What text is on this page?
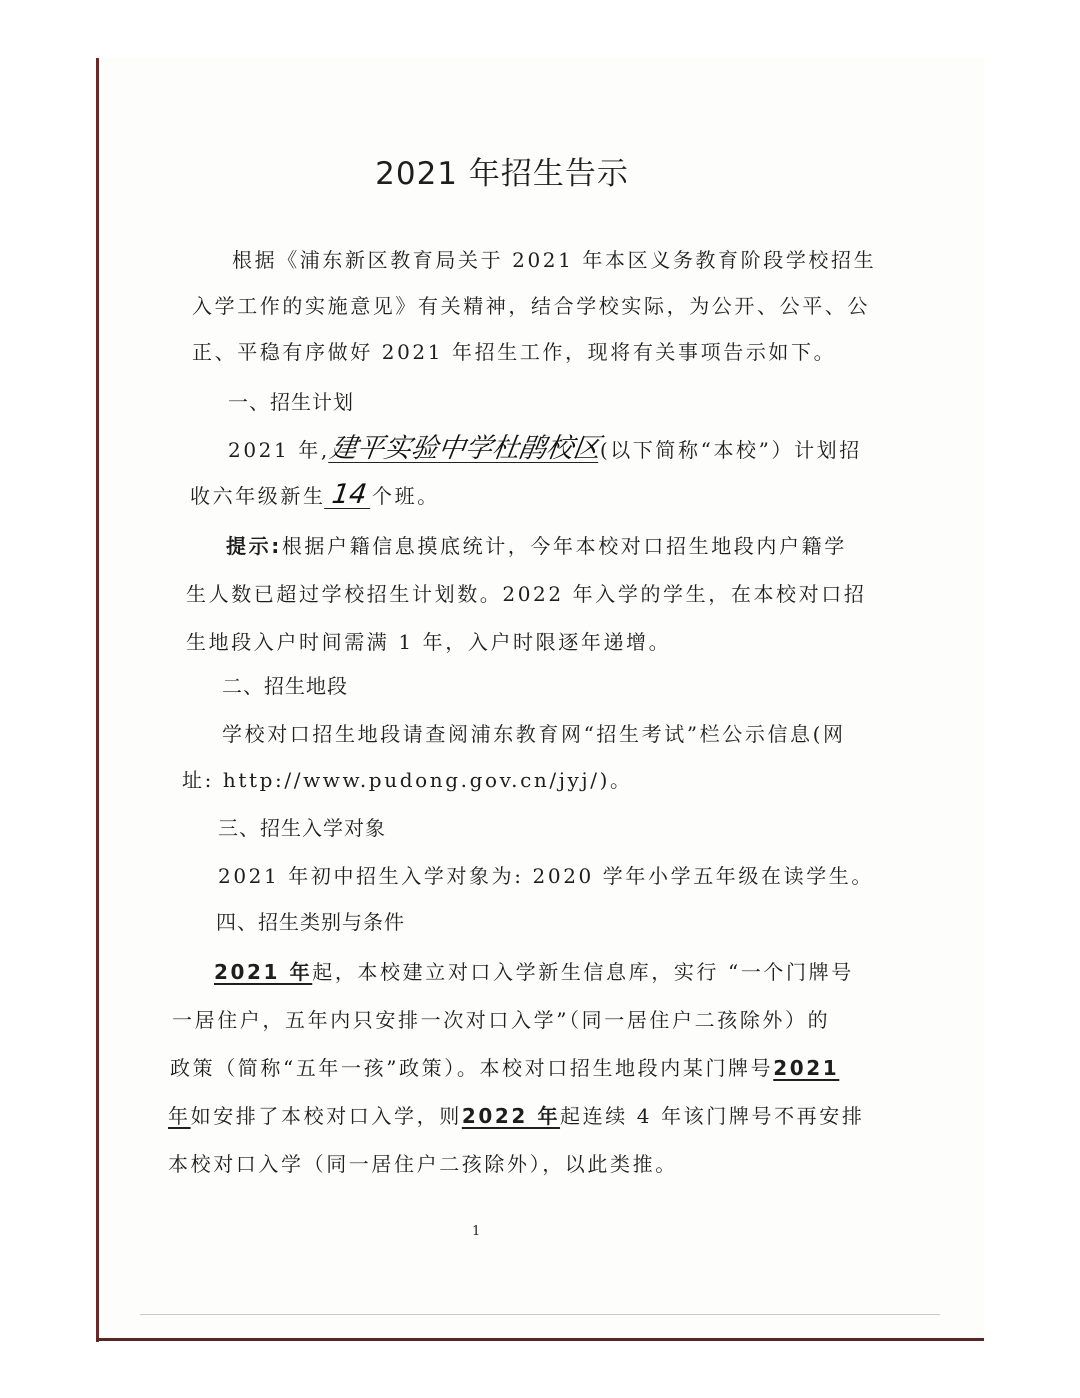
2021 年招生告示
根据《浦东新区教育局关于 2021 年本区义务教育阶段学校招生
入学工作的实施意见》有关精神，结合学校实际，为公开、公平、公
正、平稳有序做好 2021 年招生工作，现将有关事项告示如下。
一、招生计划
2021 年,建平实验中学杜鹃校区(以下简称“本校”）计划招
收六年级新生 14 个班。
提示:根据户籍信息摸底统计，今年本校对口招生地段内户籍学
生人数已超过学校招生计划数。2022 年入学的学生，在本校对口招
生地段入户时间需满 1 年，入户时限逐年递增。
二、招生地段
学校对口招生地段请查阅浦东教育网“招生考试”栏公示信息(网
址: http://www.pudong.gov.cn/jyj/)。
三、招生入学对象
2021 年初中招生入学对象为: 2020 学年小学五年级在读学生。
四、招生类别与条件
2021 年起，本校建立对口入学新生信息库，实行 “一个门牌号
一居住户，五年内只安排一次对口入学”（同一居住户二孩除外）的
政策（简称“五年一孩”政策）。本校对口招生地段内某门牌号2021
年如安排了本校对口入学，则2022 年起连续 4 年该门牌号不再安排
本校对口入学（同一居住户二孩除外），以此类推。
1
